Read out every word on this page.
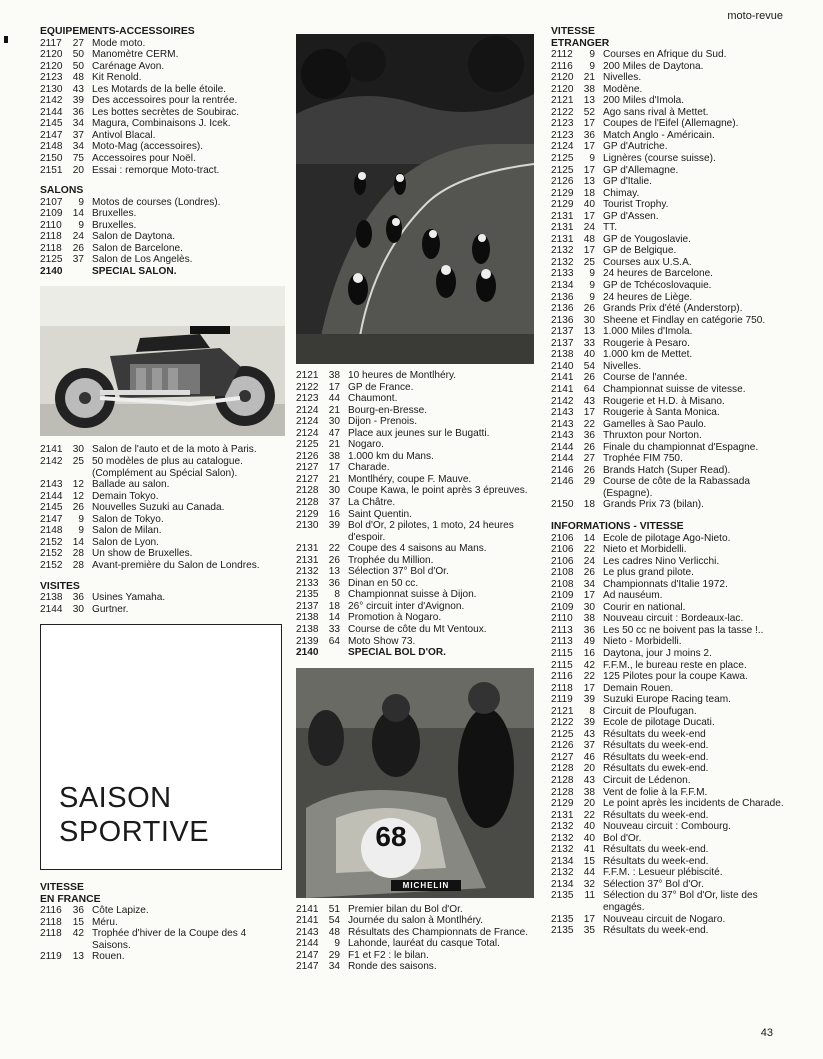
moto-revue
EQUIPEMENTS-ACCESSOIRES
2117	27 Mode moto.
2120	50 Manomètre CERM.
2120	50 Carénage Avon.
2123	48 Kit Renold.
2130	43 Les Motards de la belle étoile.
2142	39 Des accessoires pour la rentrée.
2144	36 Les bottes secrètes de Soubirac.
2145	34 Magura, Combinaisons J. Icek.
2147	37 Antivol Blacal.
2148	34 Moto-Mag (accessoires).
2150	75 Accessoires pour Noël.
2151	20 Essai : remorque Moto-tract.
SALONS
2107	9 Motos de courses (Londres).
2109	14 Bruxelles.
2110	9 Bruxelles.
2118	24 Salon de Daytona.
2118	26 Salon de Barcelone.
2125	37 Salon de Los Angelès.
2140	SPECIAL SALON.
2141	30 Salon de l'auto et de la moto à Paris.
2142	25 50 modèles de plus au catalogue. (Complément au Spécial Salon).
2143	12 Ballade au salon.
2144	12 Demain Tokyo.
2145	26 Nouvelles Suzuki au Canada.
2147	9 Salon de Tokyo.
2148	9 Salon de Milan.
2152	14 Salon de Lyon.
2152	28 Un show de Bruxelles.
2152	28 Avant-première du Salon de Londres.
VISITES
2138	36 Usines Yamaha.
2144	30 Gurtner.
SAISON
SPORTIVE
VITESSE
EN FRANCE
2116	36 Côte Lapize.
2118	15 Méru.
2118	42 Trophée d'hiver de la Coupe des 4 Saisons.
2119	13 Rouen.
2121	38 10 heures de Montlhéry.
2122	17 GP de France.
2123	44 Chaumont.
2124	21 Bourg-en-Bresse.
2124	30 Dijon - Prenois.
2124	47 Place aux jeunes sur le Bugatti.
2125	21 Nogaro.
2126	38 1.000 km du Mans.
2127	17 Charade.
2127	21 Montlhéry, coupe F. Mauve.
2128	30 Coupe Kawa, le point après 3 épreuves.
2128	37 La Châtre.
2129	16 Saint Quentin.
2130	39 Bol d'Or, 2 pilotes, 1 moto, 24 heures d'espoir.
2131	22 Coupe des 4 saisons au Mans.
2131	26 Trophée du Million.
2132	13 Sélection 37° Bol d'Or.
2133	36 Dinan en 50 cc.
2135	8 Championnat suisse à Dijon.
2137	18 26° circuit inter d'Avignon.
2138	14 Promotion à Nogaro.
2138	33 Course de côte du Mt Ventoux.
2139	64 Moto Show 73.
2140	SPECIAL BOL D'OR.
68
MICHELIN
2141	51 Premier bilan du Bol d'Or.
2141	54 Journée du salon à Montlhéry.
2143	48 Résultats des Championnats de France.
2144	9 Lahonde, lauréat du casque Total.
2147	29 F1 et F2 : le bilan.
2147	34 Ronde des saisons.
VITESSE
ETRANGER
2112	9 Courses en Afrique du Sud.
2116	9 200 Miles de Daytona.
2120	21 Nivelles.
2120	38 Modène.
2121	13 200 Miles d'Imola.
2122	52 Ago sans rival à Mettet.
2123	17 Coupes de l'Eifel (Allemagne).
2123	36 Match Anglo - Américain.
2124	17 GP d'Autriche.
2125	9 Lignères (course suisse).
2125	17 GP d'Allemagne.
2126	13 GP d'Italie.
2129	18 Chimay.
2129	40 Tourist Trophy.
2131	17 GP d'Assen.
2131	24 TT.
2131	48 GP de Yougoslavie.
2132	17 GP de Belgique.
2132	25 Courses aux U.S.A.
2133	9 24 heures de Barcelone.
2134	9 GP de Tchécoslovaquie.
2136	9 24 heures de Liège.
2136	26 Grands Prix d'été (Anderstorp).
2136	30 Sheene et Findlay en catégorie 750.
2137	13 1.000 Miles d'Imola.
2137	33 Rougerie à Pesaro.
2138	40 1.000 km de Mettet.
2140	54 Nivelles.
2141	26 Course de l'année.
2141	64 Championnat suisse de vitesse.
2142	43 Rougerie et H.D. à Misano.
2143	17 Rougerie à Santa Monica.
2143	22 Gamelles à Sao Paulo.
2143	36 Thruxton pour Norton.
2144	26 Finale du championnat d'Espagne.
2144	27 Trophée FIM 750.
2146	26 Brands Hatch (Super Read).
2146	29 Course de côte de la Rabassada (Espagne).
2150	18 Grands Prix 73 (bilan).
INFORMATIONS - VITESSE
2106	14 Ecole de pilotage Ago-Nieto.
2106	22 Nieto et Morbidelli.
2106	24 Les cadres Nino Verlicchi.
2108	26 Le plus grand pilote.
2108	34 Championnats d'Italie 1972.
2109	17 Ad nauséum.
2109	30 Courir en national.
2110	38 Nouveau circuit : Bordeaux-lac.
2113	36 Les 50 cc ne boivent pas la tasse !..
2113	49 Nieto - Morbidelli.
2115	16 Daytona, jour J moins 2.
2115	42 F.F.M., le bureau reste en place.
2116	22 125 Pilotes pour la coupe Kawa.
2118	17 Demain Rouen.
2119	39 Suzuki Europe Racing team.
2121	8 Circuit de Ploufugan.
2122	39 Ecole de pilotage Ducati.
2125	43 Résultats du week-end
2126	37 Résultats du week-end.
2127	46 Résultats du week-end.
2128	20 Résultats du ewek-end.
2128	43 Circuit de Lédenon.
2128	38 Vent de folie à la F.F.M.
2129	20 Le point après les incidents de Charade.
2131	22 Résultats du week-end.
2132	40 Nouveau circuit : Combourg.
2132	40 Bol d'Or.
2132	41 Résultats du week-end.
2134	15 Résultats du week-end.
2132	44 F.F.M. : Lesueur plébiscité.
2134	32 Sélection 37° Bol d'Or.
2135	11 Sélection du 37° Bol d'Or, liste des engagés.
2135	17 Nouveau circuit de Nogaro.
2135	35 Résultats du week-end.
43
